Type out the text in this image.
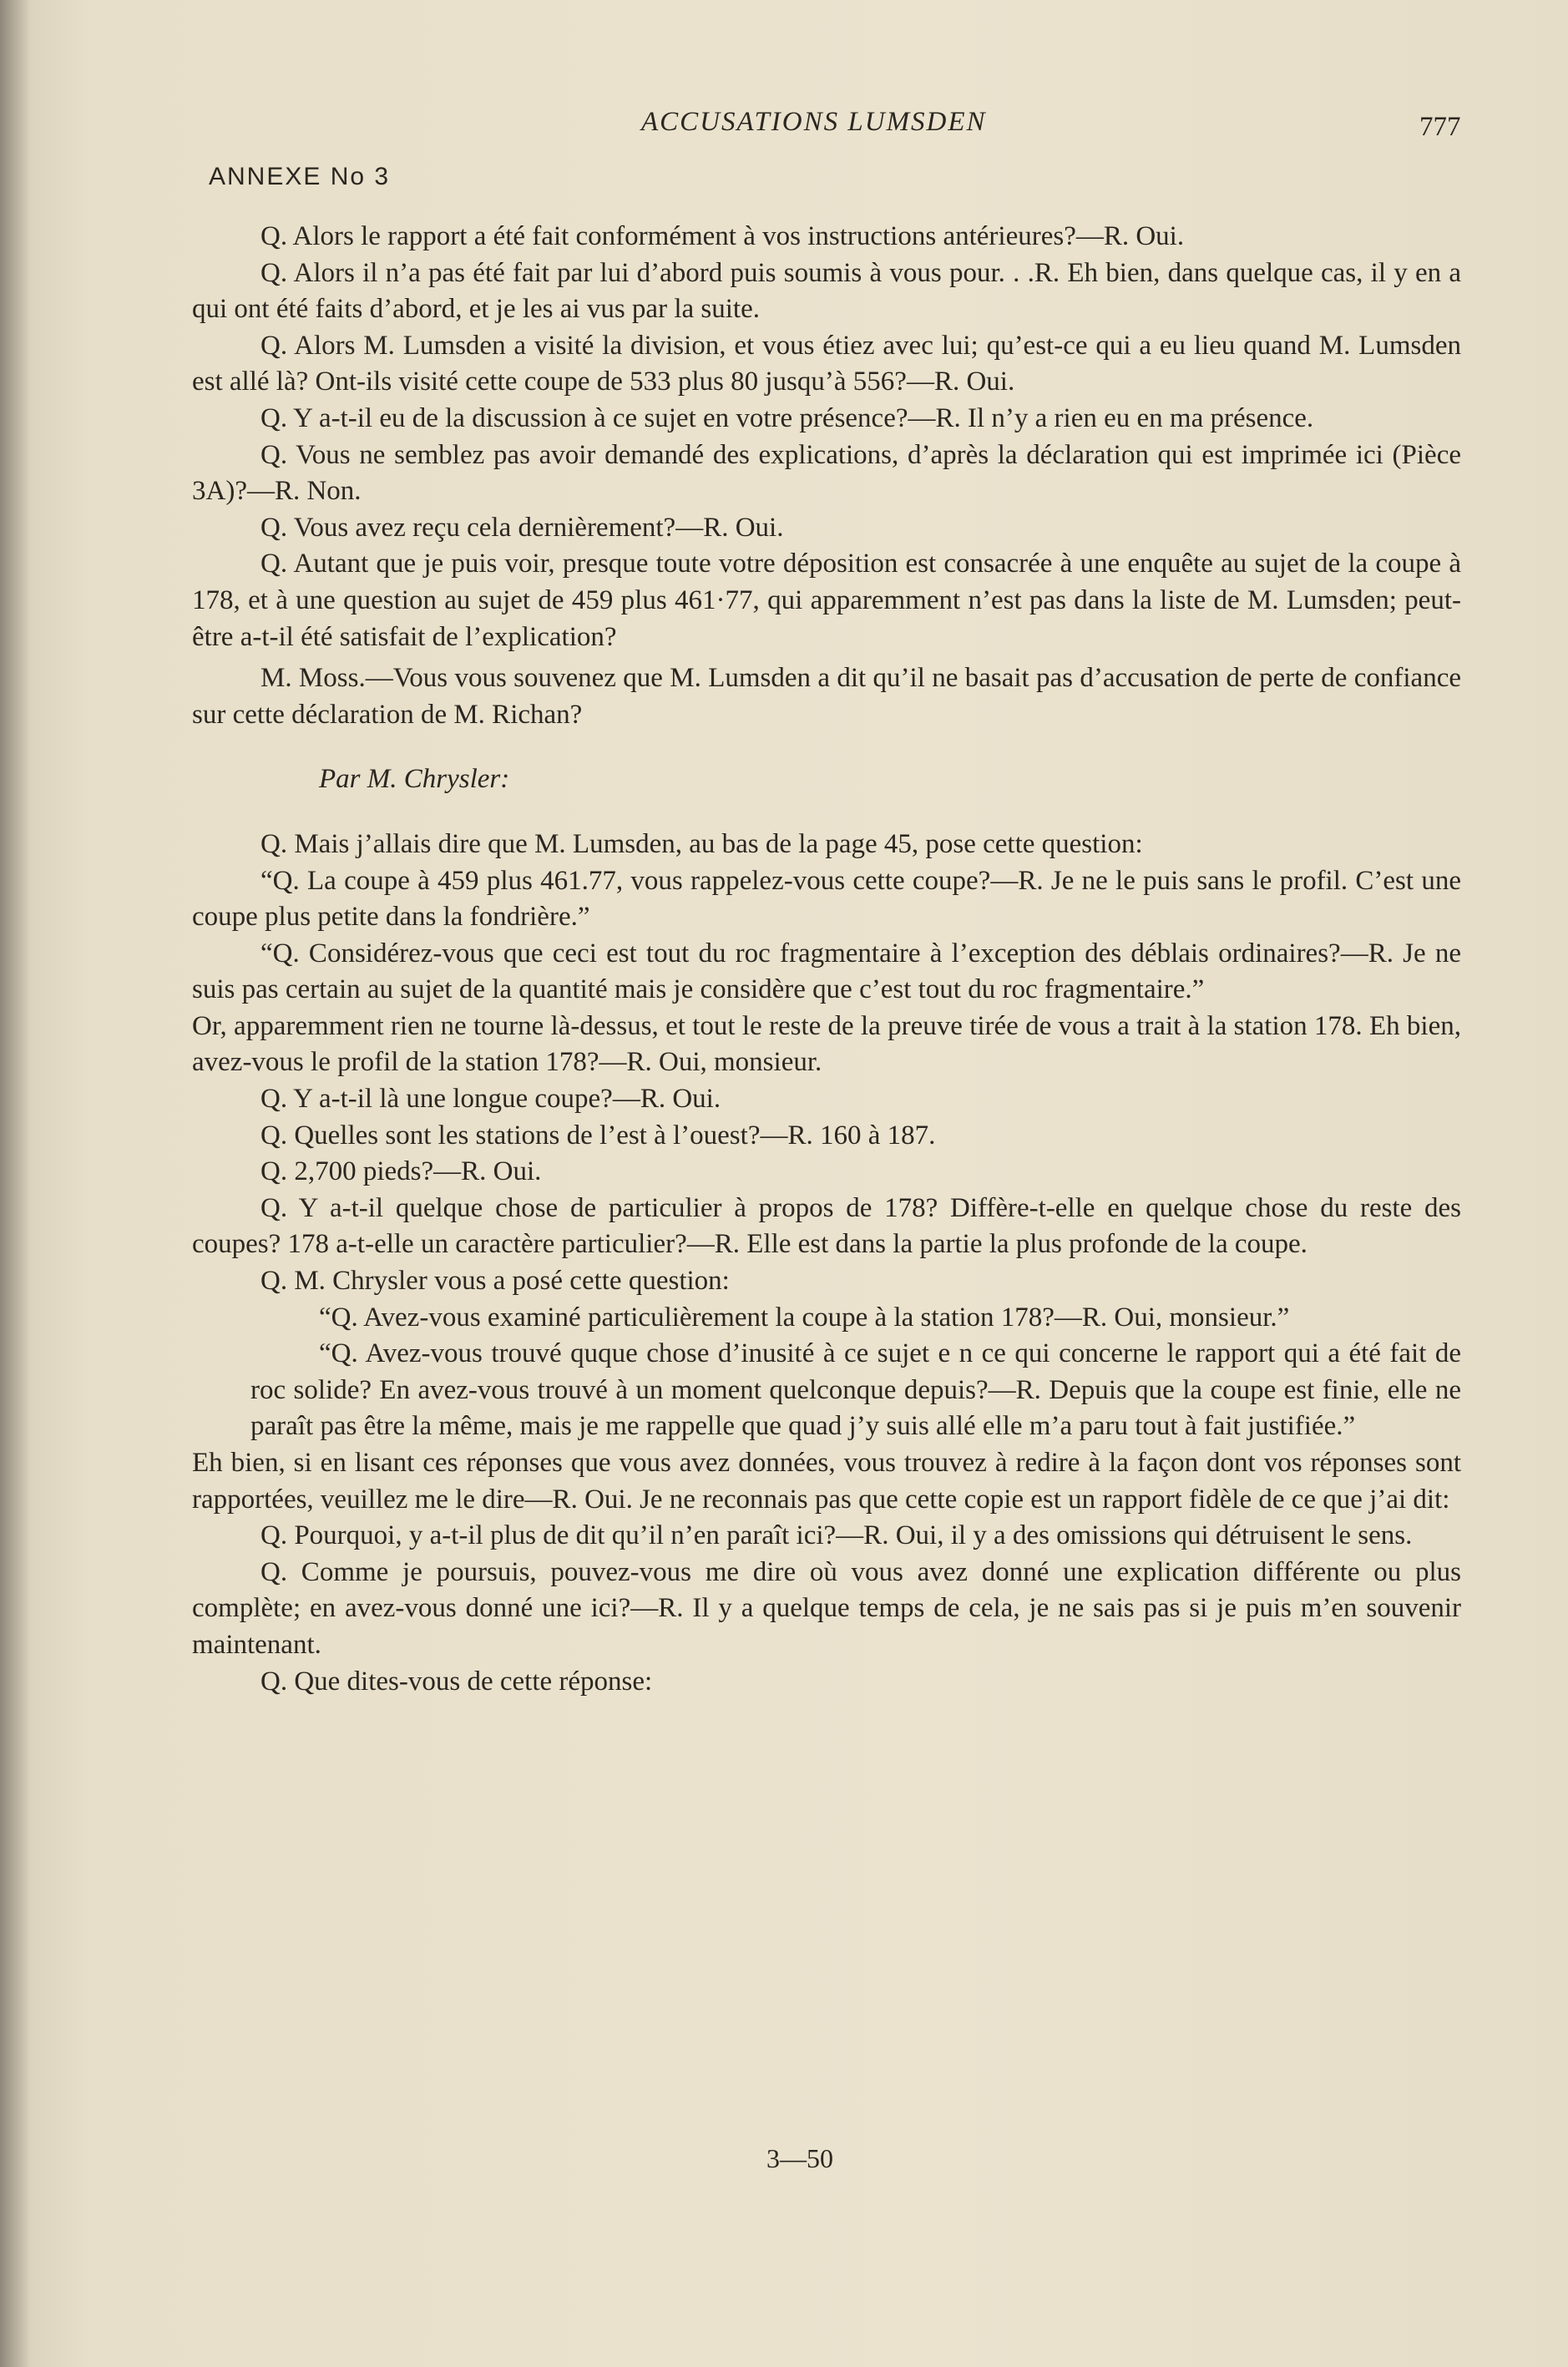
ACCUSATIONS LUMSDEN	777
ANNEXE No 3

Q. Alors le rapport a été fait conformément à vos instructions antérieures?—R. Oui.

Q. Alors il n’a pas été fait par lui d’abord puis soumis à vous pour. . .R. Eh bien, dans quelque cas, il y en a qui ont été faits d’abord, et je les ai vus par la suite.

Q. Alors M. Lumsden a visité la division, et vous étiez avec lui; qu’est-ce qui a eu lieu quand M. Lumsden est allé là? Ont-ils visité cette coupe de 533 plus 80 jusqu’à 556?—R. Oui.

Q. Y a-t-il eu de la discussion à ce sujet en votre présence?—R. Il n’y a rien eu en ma présence.

Q. Vous ne semblez pas avoir demandé des explications, d’après la déclaration qui est imprimée ici (Pièce 3A)?—R. Non.

Q. Vous avez reçu cela dernièrement?—R. Oui.

Q. Autant que je puis voir, presque toute votre déposition est consacrée à une enquête au sujet de la coupe à 178, et à une question au sujet de 459 plus 461·77, qui apparemment n’est pas dans la liste de M. Lumsden; peut-être a-t-il été satisfait de l’explication?

M. Moss.—Vous vous souvenez que M. Lumsden a dit qu’il ne basait pas d’accusation de perte de confiance sur cette déclaration de M. Richan?

Par M. Chrysler:

Q. Mais j’allais dire que M. Lumsden, au bas de la page 45, pose cette question:

“Q. La coupe à 459 plus 461.77, vous rappelez-vous cette coupe?—R. Je ne le puis sans le profil. C’est une coupe plus petite dans la fondrière.”

“Q. Considérez-vous que ceci est tout du roc fragmentaire à l’exception des déblais ordinaires?—R. Je ne suis pas certain au sujet de la quantité mais je considère que c’est tout du roc fragmentaire.”

Or, apparemment rien ne tourne là-dessus, et tout le reste de la preuve tirée de vous a trait à la station 178. Eh bien, avez-vous le profil de la station 178?—R. Oui, monsieur.

Q. Y a-t-il là une longue coupe?—R. Oui.

Q. Quelles sont les stations de l’est à l’ouest?—R. 160 à 187.

Q. 2,700 pieds?—R. Oui.

Q. Y a-t-il quelque chose de particulier à propos de 178? Diffère-t-elle en quelque chose du reste des coupes? 178 a-t-elle un caractère particulier?—R. Elle est dans la partie la plus profonde de la coupe.

Q. M. Chrysler vous a posé cette question:

“Q. Avez-vous examiné particulièrement la coupe à la station 178?—R. Oui, monsieur.”

“Q. Avez-vous trouvé quque chose d’inusité à ce sujet e n ce qui concerne le rapport qui a été fait de roc solide? En avez-vous trouvé à un moment quelconque depuis?—R. Depuis que la coupe est finie, elle ne paraît pas être la même, mais je me rappelle que quad j’y suis allé elle m’a paru tout à fait justifiée.”

Eh bien, si en lisant ces réponses que vous avez données, vous trouvez à redire à la façon dont vos réponses sont rapportées, veuillez me le dire—R. Oui. Je ne reconnais pas que cette copie est un rapport fidèle de ce que j’ai dit:

Q. Pourquoi, y a-t-il plus de dit qu’il n’en paraît ici?—R. Oui, il y a des omissions qui détruisent le sens.

Q. Comme je poursuis, pouvez-vous me dire où vous avez donné une explication différente ou plus complète; en avez-vous donné une ici?—R. Il y a quelque temps de cela, je ne sais pas si je puis m’en souvenir maintenant.

Q. Que dites-vous de cette réponse:

3—50
